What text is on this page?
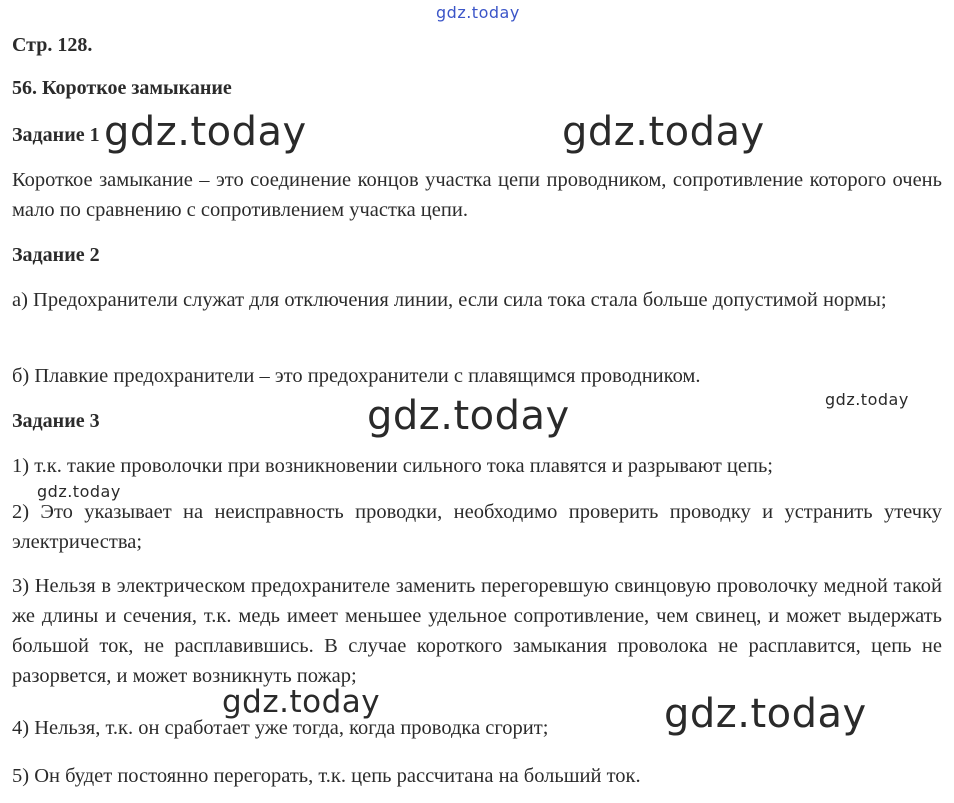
Стр. 128.

56. Короткое замыкание

Задание 1

Короткое замыкание – это соединение концов участка цепи проводником, сопротивление которого очень мало по сравнению с сопротивлением участка цепи.

Задание 2

а) Предохранители служат для отключения линии, если сила тока стала больше допустимой нормы;

б) Плавкие предохранители – это предохранители с плавящимся проводником.

Задание 3

1) т.к. такие проволочки при возникновении сильного тока плавятся и разрывают цепь;

2) Это указывает на неисправность проводки, необходимо проверить проводку и устранить утечку электричества;

3) Нельзя в электрическом предохранителе заменить перегоревшую свинцовую проволочку медной такой же длины и сечения, т.к. медь имеет меньшее удельное сопротивление, чем свинец, и может выдержать большой ток, не расплавившись. В случае короткого замыкания проволока не расплавится, цепь не разорвется, и может возникнуть пожар;

4) Нельзя, т.к. он сработает уже тогда, когда проводка сгорит;

5) Он будет постоянно перегорать, т.к. цепь рассчитана на больший ток.

gdz.today
gdz.today	gdz.today
gdz.today	gdz.today
gdz.today
gdz.today	gdz.today
